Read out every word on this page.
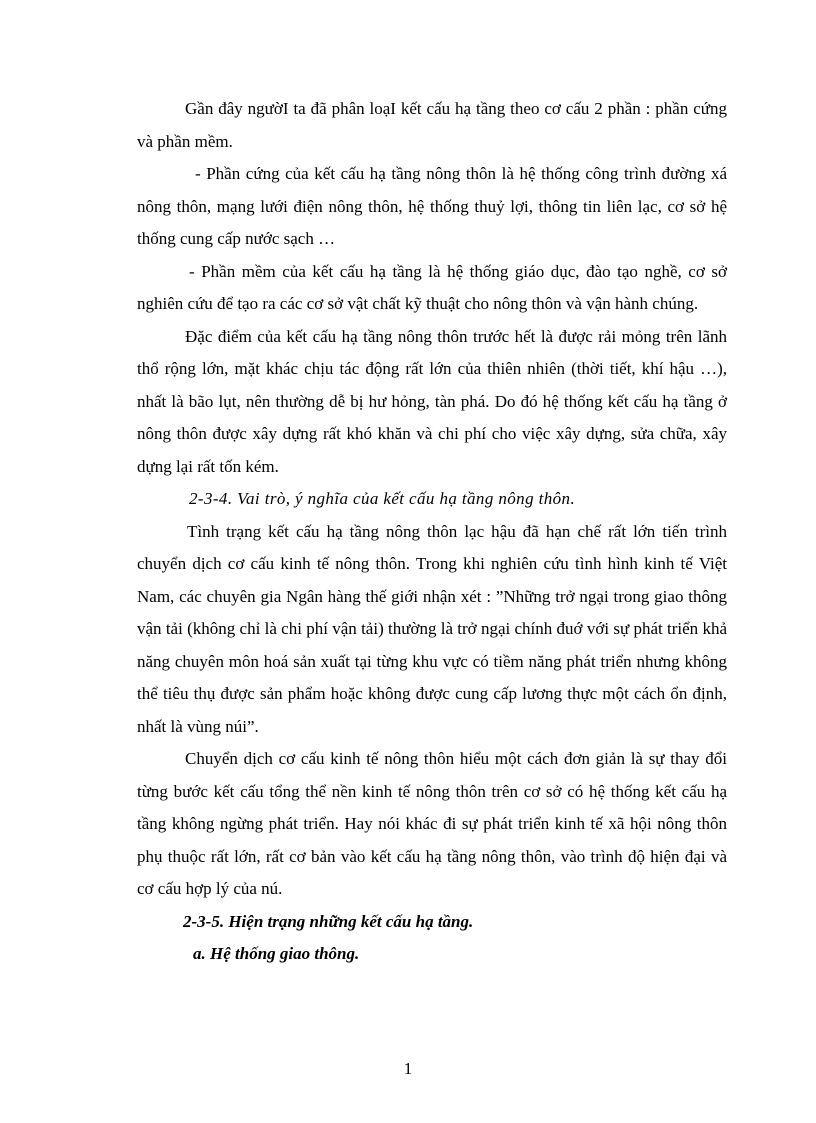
Gần đây ngườI ta đã phân loạI kết cấu hạ tầng theo cơ cấu 2 phần : phần cứng và phần mềm.

- Phần cứng của kết cấu hạ tầng nông thôn là hệ thống công trình đường xá nông thôn, mạng lưới điện nông thôn, hệ thống thuỷ lợi, thông tin liên lạc, cơ sở hệ thống cung cấp nước sạch …

- Phần mềm của kết cấu hạ tầng là hệ thống giáo dục, đào tạo nghề, cơ sở nghiên cứu để tạo ra các cơ sở vật chất kỹ thuật cho nông thôn và vận hành chúng.

Đặc điểm của kết cấu hạ tầng nông thôn trước hết là được rải mỏng trên lãnh thổ rộng lớn, mặt khác chịu tác động rất lớn của thiên nhiên (thời tiết, khí hậu …), nhất là bão lụt, nên thường dễ bị hư hỏng, tàn phá. Do đó hệ thống kết cấu hạ tầng ở nông thôn được xây dựng rất khó khăn và chi phí cho việc xây dựng, sửa chữa, xây dựng lại rất tốn kém.

2-3-4. Vai trò, ý nghĩa của kết cấu hạ tầng nông thôn.

Tình trạng kết cấu hạ tầng nông thôn lạc hậu đã hạn chế rất lớn tiến trình chuyển dịch cơ cấu kinh tế nông thôn. Trong khi nghiên cứu tình hình kinh tế Việt Nam, các chuyên gia Ngân hàng thế giới nhận xét : ”Những trở ngại trong giao thông vận tải (không chỉ là chi phí vận tải) thường là trở ngại chính đuớ với sự phát triển khả năng chuyên môn hoá sản xuất tại từng khu vực có tiềm năng phát triển nhưng không thể tiêu thụ được sản phẩm hoặc không được cung cấp lương thực một cách ổn định, nhất là vùng núi”.

Chuyển dịch cơ cấu kinh tế nông thôn hiểu một cách đơn giản là sự thay đổi từng bước kết cấu tổng thể nền kinh tế nông thôn trên cơ sở có hệ thống kết cấu hạ tầng không ngừng phát triển. Hay nói khác đi sự phát triển kinh tế xã hội nông thôn phụ thuộc rất lớn, rất cơ bản vào kết cấu hạ tầng nông thôn, vào trình độ hiện đại và cơ cấu hợp lý của nú.

2-3-5. Hiện trạng những kết cấu hạ tầng.

a. Hệ thống giao thông.

1
